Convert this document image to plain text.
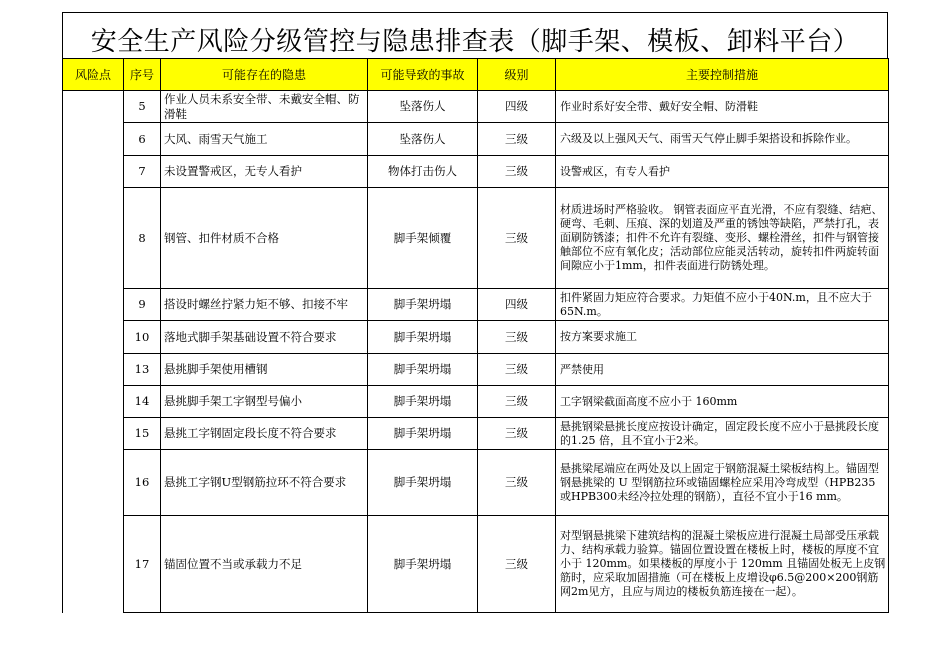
安全生产风险分级管控与隐患排查表（脚手架、模板、卸料平台）
风险点	序号	可能存在的隐患	可能导致的事故	级别	主要控制措施
	5	作业人员未系安全带、未戴安全帽、防滑鞋	坠落伤人	四级	作业时系好安全带、戴好安全帽、防滑鞋
	6	大风、雨雪天气施工	坠落伤人	三级	六级及以上强风天气、雨雪天气停止脚手架搭设和拆除作业。
	7	未设置警戒区，无专人看护	物体打击伤人	三级	设警戒区，有专人看护
	8	钢管、扣件材质不合格	脚手架倾覆	三级	材质进场时严格验收。 钢管表面应平直光滑，不应有裂缝、结疤、硬弯、毛刺、压痕、深的划道及严重的锈蚀等缺陷，严禁打孔，表面刷防锈漆；扣件不允许有裂缝、变形、螺栓滑丝，扣件与钢管接触部位不应有氧化皮；活动部位应能灵活转动，旋转扣件两旋转面间隙应小于1mm，扣件表面进行防锈处理。
	9	搭设时螺丝拧紧力矩不够、扣接不牢	脚手架坍塌	四级	扣件紧固力矩应符合要求。力矩值不应小于40N.m，且不应大于65N.m。
	10	落地式脚手架基础设置不符合要求	脚手架坍塌	三级	按方案要求施工
	13	悬挑脚手架使用槽钢	脚手架坍塌	三级	严禁使用
	14	悬挑脚手架工字钢型号偏小	脚手架坍塌	三级	工字钢梁截面高度不应小于 160mm
	15	悬挑工字钢固定段长度不符合要求	脚手架坍塌	三级	悬挑钢梁悬挑长度应按设计确定，固定段长度不应小于悬挑段长度的1.25 倍，且不宜小于2米。
	16	悬挑工字钢U型钢筋拉环不符合要求	脚手架坍塌	三级	悬挑梁尾端应在两处及以上固定于钢筋混凝土梁板结构上。锚固型钢悬挑梁的 U 型钢筋拉环或锚固螺栓应采用冷弯成型（HPB235或HPB300未经冷拉处理的钢筋），直径不宜小于16 mm。
	17	锚固位置不当或承载力不足	脚手架坍塌	三级	对型钢悬挑梁下建筑结构的混凝土梁板应进行混凝土局部受压承载力、结构承载力验算。锚固位置设置在楼板上时，楼板的厚度不宜小于 120mm。如果楼板的厚度小于 120mm 且锚固处板无上皮钢筋时，应采取加固措施（可在楼板上皮增设φ6.5@200×200钢筋网2m见方，且应与周边的楼板负筋连接在一起）。
